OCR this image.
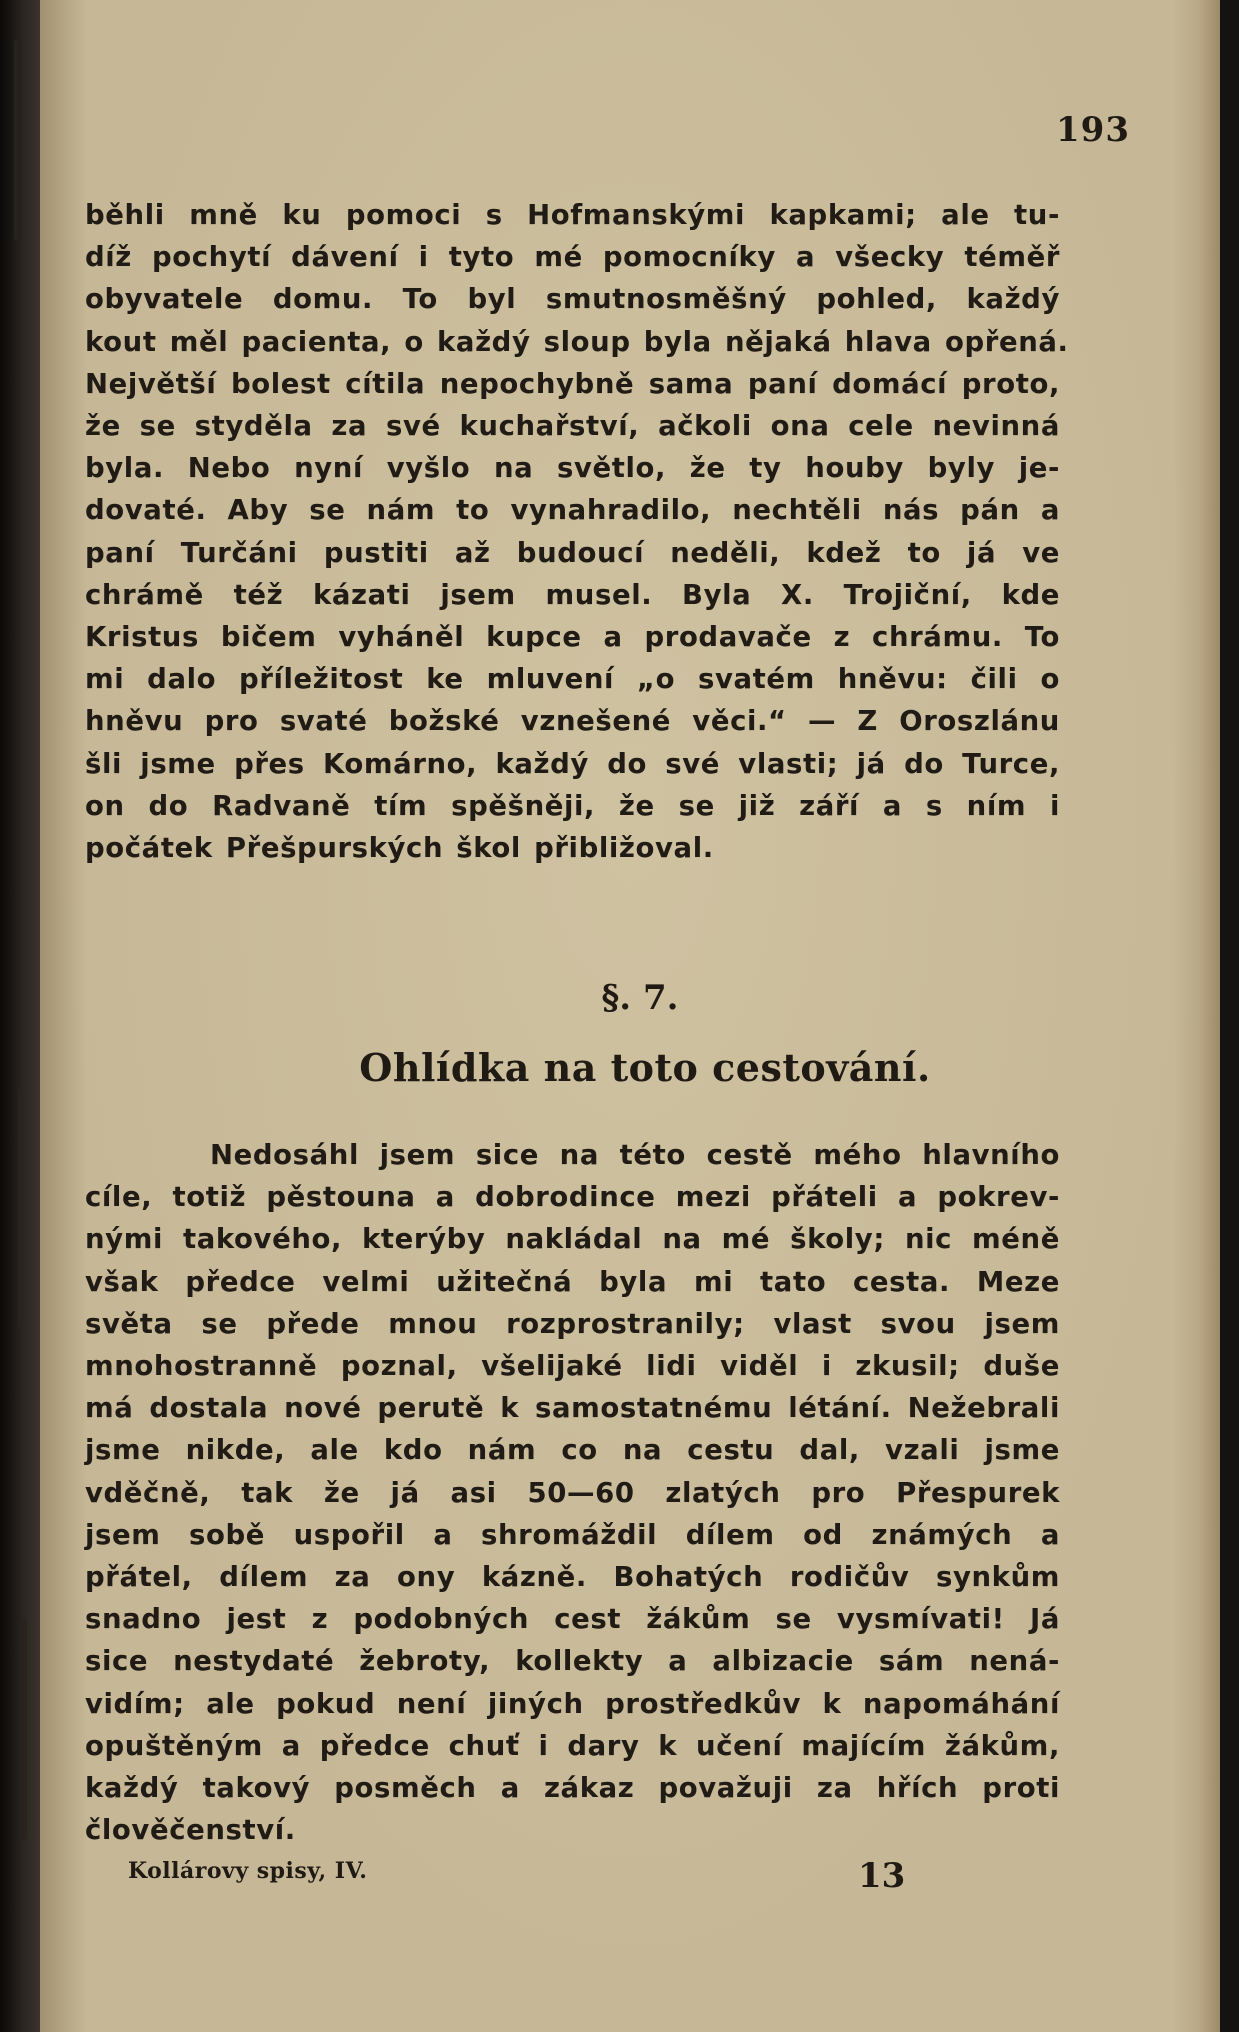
193
běhli mně ku pomoci s Hofmanskými kapkami; ale tu-
díž pochytí dávení i tyto mé pomocníky a všecky téměř
obyvatele domu. To byl smutnosměšný pohled, každý
kout měl pacienta, o každý sloup byla nějaká hlava opřená.
Největší bolest cítila nepochybně sama paní domácí proto,
že se styděla za své kuchařství, ačkoli ona cele nevinná
byla. Nebo nyní vyšlo na světlo, že ty houby byly je-
dovaté. Aby se nám to vynahradilo, nechtěli nás pán a
paní Turčáni pustiti až budoucí neděli, kdež to já ve
chrámě též kázati jsem musel. Byla X. Trojiční, kde
Kristus bičem vyháněl kupce a prodavače z chrámu. To
mi dalo příležitost ke mluvení „o svatém hněvu: čili o
hněvu pro svaté božské vznešené věci.“ — Z Oroszlánu
šli jsme přes Komárno, každý do své vlasti; já do Turce,
on do Radvaně tím spěšněji, že se již září a s ním i
počátek Přešpurských škol přibližoval.
§. 7.
Ohlídka na toto cestování.
Nedosáhl jsem sice na této cestě mého hlavního
cíle, totiž pěstouna a dobrodince mezi přáteli a pokrev-
nými takového, kterýby nakládal na mé školy; nic méně
však předce velmi užitečná byla mi tato cesta. Meze
světa se přede mnou rozprostranily; vlast svou jsem
mnohostranně poznal, všelijaké lidi viděl i zkusil; duše
má dostala nové perutě k samostatnému létání. Nežebrali
jsme nikde, ale kdo nám co na cestu dal, vzali jsme
vděčně, tak že já asi 50—60 zlatých pro Přespurek
jsem sobě uspořil a shromáždil dílem od známých a
přátel, dílem za ony kázně. Bohatých rodičův synkům
snadno jest z podobných cest žákům se vysmívati! Já
sice nestydaté žebroty, kollekty a albizacie sám nená-
vidím; ale pokud není jiných prostředkův k napomáhání
opuštěným a předce chuť i dary k učení majícím žákům,
každý takový posměch a zákaz považuji za hřích proti
člověčenství.
Kollárovy spisy, IV.	13
